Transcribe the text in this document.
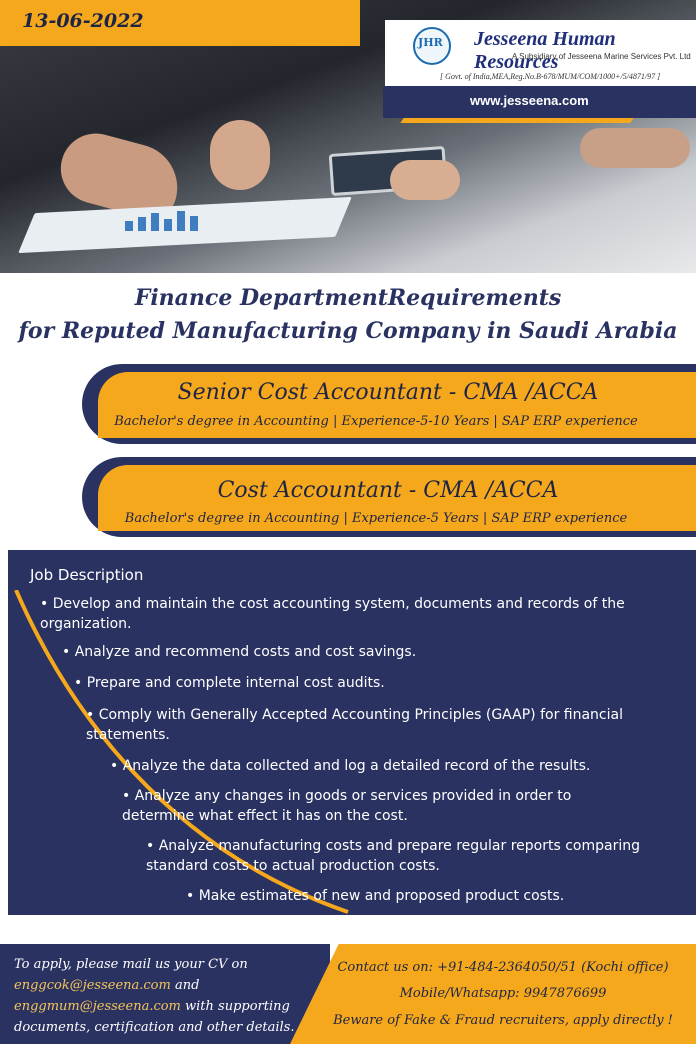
13-06-2022
JHR Jesseena Human Resources
A Subsidiary of Jesseena Marine Services Pvt. Ltd
[ Govt. of India,MEA,Reg.No.B-678/MUM/COM/1000+/5/4871/97 ]
www.jesseena.com
Finance DepartmentRequirements
for Reputed Manufacturing Company in Saudi Arabia
Senior Cost Accountant - CMA /ACCA
Bachelor's degree in Accounting | Experience-5-10 Years | SAP ERP experience
Cost Accountant - CMA /ACCA
Bachelor's degree in Accounting | Experience-5 Years | SAP ERP experience
Job Description
• Develop and maintain the cost accounting system, documents and records of the organization.
• Analyze and recommend costs and cost savings.
• Prepare and complete internal cost audits.
• Comply with Generally Accepted Accounting Principles (GAAP) for financial statements.
• Analyze the data collected and log a detailed record of the results.
• Analyze any changes in goods or services provided in order to determine what effect it has on the cost.
• Analyze manufacturing costs and prepare regular reports comparing standard costs to actual production costs.
• Make estimates of new and proposed product costs.
To apply, please mail us your CV on
enggcok@jesseena.com and
enggmum@jesseena.com with supporting documents, certification and other details.
Contact us on: +91-484-2364050/51 (Kochi office)
Mobile/Whatsapp: 9947876699
Beware of Fake & Fraud recruiters, apply directly !
